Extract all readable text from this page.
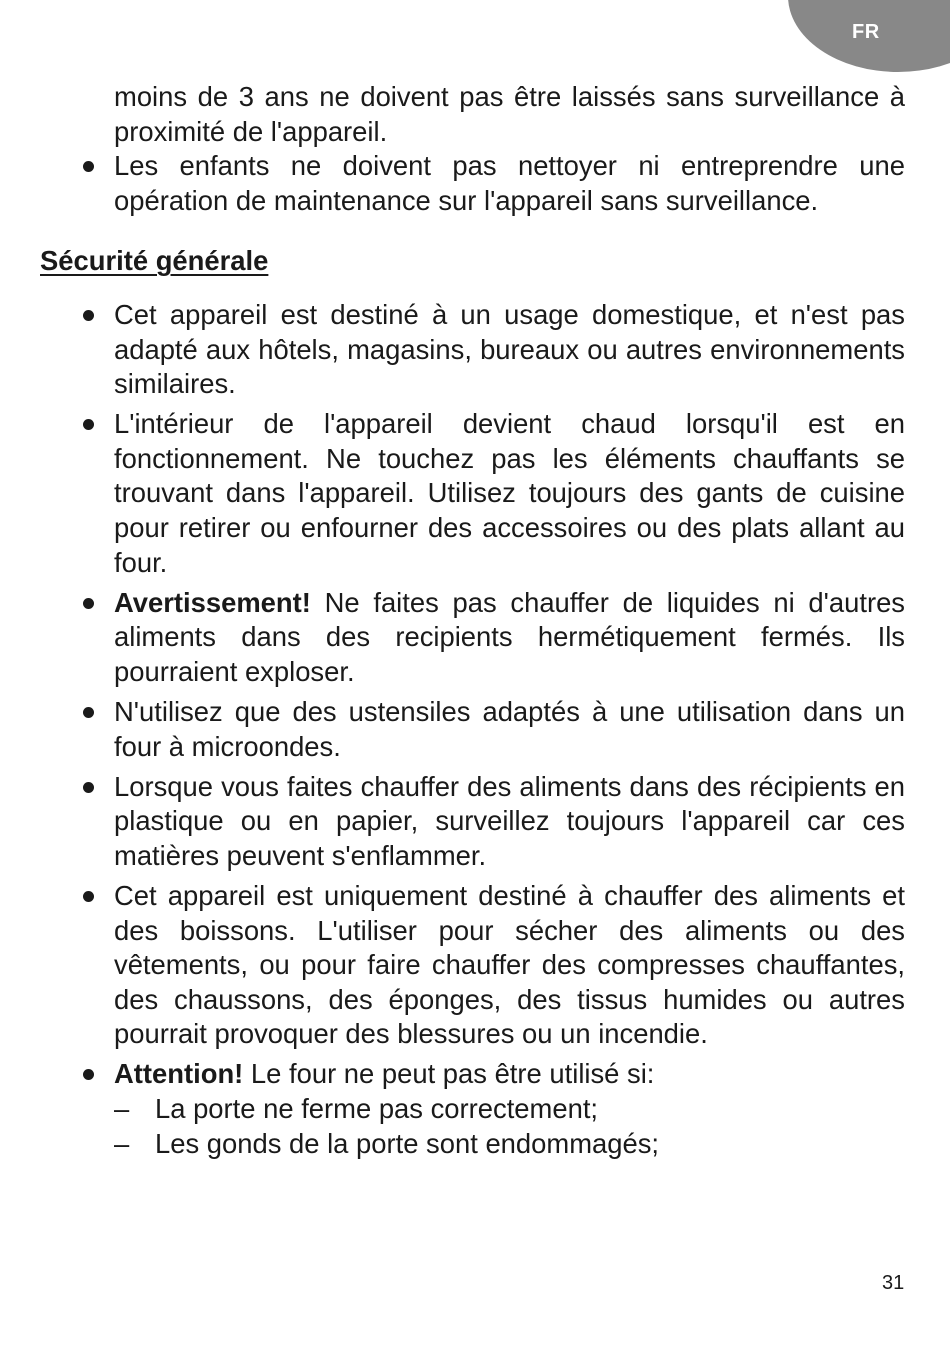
FR
moins de 3 ans ne doivent pas être laissés sans surveillance à proximité de l'appareil.
Les enfants ne doivent pas nettoyer ni entreprendre une opération de maintenance sur l'appareil sans surveillance.
Sécurité générale
Cet appareil est destiné à un usage domestique, et n'est pas adapté aux hôtels, magasins, bureaux ou autres environnements similaires.
L'intérieur de l'appareil devient chaud lorsqu'il est en fonctionnement. Ne touchez pas les éléments chauffants se trouvant dans l'appareil. Utilisez toujours des gants de cuisine pour retirer ou enfourner des accessoires ou des plats allant au four.
Avertissement! Ne faites pas chauffer de liquides ni d'autres aliments dans des recipients hermétiquement fermés. Ils pourraient exploser.
N'utilisez que des ustensiles adaptés à une utilisation dans un four à microondes.
Lorsque vous faites chauffer des aliments dans des récipients en plastique ou en papier, surveillez toujours l'appareil car ces matières peuvent s'enflammer.
Cet appareil est uniquement destiné à chauffer des aliments et des boissons. L'utiliser pour sécher des aliments ou des vêtements, ou pour faire chauffer des compresses chauffantes, des chaussons, des éponges, des tissus humides ou autres pourrait provoquer des blessures ou un incendie.
Attention! Le four ne peut pas être utilisé si:
– La porte ne ferme pas correctement;
– Les gonds de la porte sont endommagés;
31
